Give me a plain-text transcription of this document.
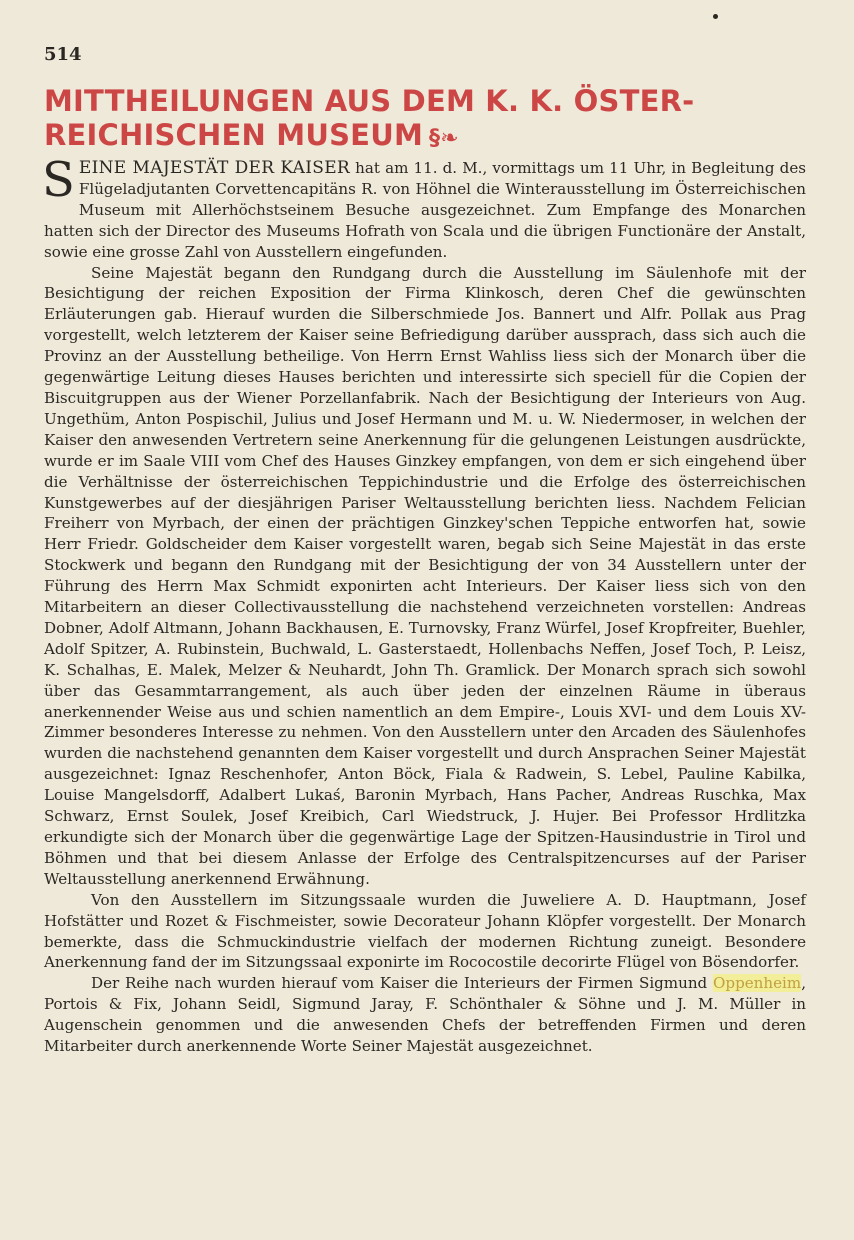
514
MITTHEILUNGEN AUS DEM K. K. ÖSTER-
REICHISCHEN MUSEUM §❧

SEINE MAJESTÄT DER KAISER hat am 11. d. M., vormittags um 11 Uhr, in Begleitung des Flügeladjutanten Corvettencapitäns R. von Höhnel die Winterausstellung im Österreichischen Museum mit Allerhöchstseinem Besuche ausgezeichnet. Zum Empfange des Monarchen hatten sich der Director des Museums Hofrath von Scala und die übrigen Functionäre der Anstalt, sowie eine grosse Zahl von Ausstellern eingefunden.

Seine Majestät begann den Rundgang durch die Ausstellung im Säulenhofe mit der Besichtigung der reichen Exposition der Firma Klinkosch, deren Chef die gewünschten Erläuterungen gab. Hierauf wurden die Silberschmiede Jos. Bannert und Alfr. Pollak aus Prag vorgestellt, welch letzterem der Kaiser seine Befriedigung darüber aussprach, dass sich auch die Provinz an der Ausstellung betheilige. Von Herrn Ernst Wahliss liess sich der Monarch über die gegenwärtige Leitung dieses Hauses berichten und interessirte sich speciell für die Copien der Biscuitgruppen aus der Wiener Porzellanfabrik. Nach der Besichtigung der Interieurs von Aug. Ungethüm, Anton Pospischil, Julius und Josef Hermann und M. u. W. Niedermoser, in welchen der Kaiser den anwesenden Vertretern seine Anerkennung für die gelungenen Leistungen ausdrückte, wurde er im Saale VIII vom Chef des Hauses Ginzkey empfangen, von dem er sich eingehend über die Verhältnisse der österreichischen Teppichindustrie und die Erfolge des österreichischen Kunstgewerbes auf der diesjährigen Pariser Weltausstellung berichten liess. Nachdem Felician Freiherr von Myrbach, der einen der prächtigen Ginzkey'schen Teppiche entworfen hat, sowie Herr Friedr. Goldscheider dem Kaiser vorgestellt waren, begab sich Seine Majestät in das erste Stockwerk und begann den Rundgang mit der Besichtigung der von 34 Ausstellern unter der Führung des Herrn Max Schmidt exponirten acht Interieurs. Der Kaiser liess sich von den Mitarbeitern an dieser Collectivausstellung die nachstehend verzeichneten vorstellen: Andreas Dobner, Adolf Altmann, Johann Backhausen, E. Turnovsky, Franz Würfel, Josef Kropfreiter, Buehler, Adolf Spitzer, A. Rubinstein, Buchwald, L. Gasterstaedt, Hollenbachs Neffen, Josef Toch, P. Leisz, K. Schalhas, E. Malek, Melzer & Neuhardt, John Th. Gramlick. Der Monarch sprach sich sowohl über das Gesammtarrangement, als auch über jeden der einzelnen Räume in überaus anerkennender Weise aus und schien namentlich an dem Empire-, Louis XVI- und dem Louis XV-Zimmer besonderes Interesse zu nehmen. Von den Ausstellern unter den Arcaden des Säulenhofes wurden die nachstehend genannten dem Kaiser vorgestellt und durch Ansprachen Seiner Majestät ausgezeichnet: Ignaz Reschenhofer, Anton Böck, Fiala & Radwein, S. Lebel, Pauline Kabilka, Louise Mangelsdorff, Adalbert Lukaś, Baronin Myrbach, Hans Pacher, Andreas Ruschka, Max Schwarz, Ernst Soulek, Josef Kreibich, Carl Wiedstruck, J. Hujer. Bei Professor Hrdlitzka erkundigte sich der Monarch über die gegenwärtige Lage der Spitzen-Hausindustrie in Tirol und Böhmen und that bei diesem Anlasse der Erfolge des Centralspitzencurses auf der Pariser Weltausstellung anerkennend Erwähnung.

Von den Ausstellern im Sitzungssaale wurden die Juweliere A. D. Hauptmann, Josef Hofstätter und Rozet & Fischmeister, sowie Decorateur Johann Klöpfer vorgestellt. Der Monarch bemerkte, dass die Schmuckindustrie vielfach der modernen Richtung zuneigt. Besondere Anerkennung fand der im Sitzungssaal exponirte im Rococostile decorirte Flügel von Bösendorfer.

Der Reihe nach wurden hierauf vom Kaiser die Interieurs der Firmen Sigmund Oppenheim, Portois & Fix, Johann Seidl, Sigmund Jaray, F. Schönthaler & Söhne und J. M. Müller in Augenschein genommen und die anwesenden Chefs der betreffenden Firmen und deren Mitarbeiter durch anerkennende Worte Seiner Majestät ausgezeichnet.
